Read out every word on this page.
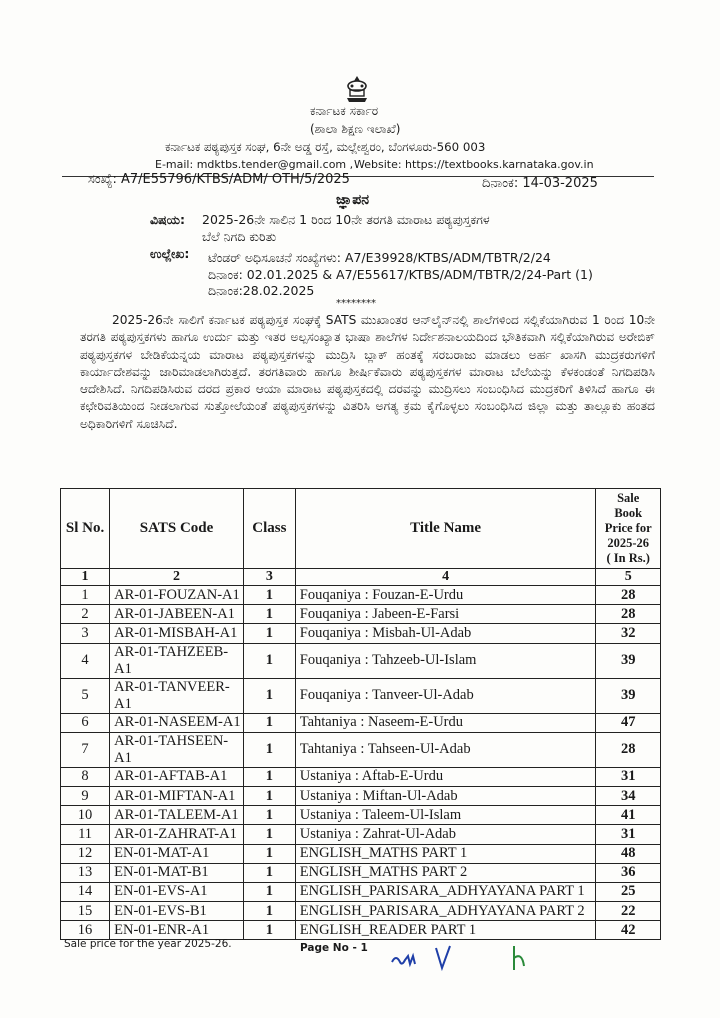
ಕರ್ನಾಟಕ ಸರ್ಕಾರ
(ಶಾಲಾ ಶಿಕ್ಷಣ ಇಲಾಖೆ)
ಕರ್ನಾಟಕ ಪಠ್ಯಪುಸ್ತಕ ಸಂಘ, 6ನೇ ಅಡ್ಡ ರಸ್ತೆ, ಮಲ್ಲೇಶ್ವರಂ, ಬೆಂಗಳೂರು-560 003
E-mail: mdktbs.tender@gmail.com , Website: https://textbooks.karnataka.gov.in
ಸಂಖ್ಯೆ: A7/E55796/KTBS/ADM/ OTH/5/2025	ದಿನಾಂಕ: 14-03-2025
ಜ್ಞಾಪನ
ವಿಷಯ: 2025-26ನೇ ಸಾಲಿನ 1 ರಿಂದ 10ನೇ ತರಗತಿ ಮಾರಾಟ ಪಠ್ಯಪುಸ್ತಕಗಳ
ಬೆಲೆ ನಿಗದಿ ಕುರಿತು
ಉಲ್ಲೇಖ: ಟೆಂಡರ್ ಅಧಿಸೂಚನೆ ಸಂಖ್ಯೆಗಳು: A7/E39928/KTBS/ADM/TBTR/2/24
ದಿನಾಂಕ: 02.01.2025 & A7/E55617/KTBS/ADM/TBTR/2/24-Part (1)
ದಿನಾಂಕ:28.02.2025
********
2025-26ನೇ ಸಾಲಿಗೆ ಕರ್ನಾಟಕ ಪಠ್ಯಪುಸ್ತಕ ಸಂಘಕ್ಕೆ SATS ಮುಖಾಂತರ ಆನ್‌ಲೈನ್‌ನಲ್ಲಿ ಶಾಲೆಗಳಿಂದ ಸಲ್ಲಿಕೆಯಾಗಿರುವ 1 ರಿಂದ 10ನೇ ತರಗತಿ ಪಠ್ಯಪುಸ್ತಕಗಳು ಹಾಗೂ ಉರ್ದು ಮತ್ತು ಇತರ ಅಲ್ಪಸಂಖ್ಯಾತ ಭಾಷಾ ಶಾಲೆಗಳ ನಿರ್ದೇಶನಾಲಯದಿಂದ ಭೌತಿಕವಾಗಿ ಸಲ್ಲಿಕೆಯಾಗಿರುವ ಅರೇಬಿಕ್ ಪಠ್ಯಪುಸ್ತಕಗಳ ಬೇಡಿಕೆಯನ್ನಯ ಮಾರಾಟ ಪಠ್ಯಪುಸ್ತಕಗಳನ್ನು ಮುದ್ರಿಸಿ ಬ್ಲಾಕ್ ಹಂತಕ್ಕೆ ಸರಬರಾಜು ಮಾಡಲು ಅರ್ಹ ಖಾಸಗಿ ಮುದ್ರಕರುಗಳಿಗೆ ಕಾರ್ಯಾದೇಶವನ್ನು ಜಾರಿಮಾಡಲಾಗಿರುತ್ತದೆ. ತರಗತಿವಾರು ಹಾಗೂ ಶೀರ್ಷಿಕೆವಾರು ಪಠ್ಯಪುಸ್ತಕಗಳ ಮಾರಾಟ ಬೆಲೆಯನ್ನು ಕೆಳಕಂಡಂತೆ ನಿಗದಿಪಡಿಸಿ ಆದೇಶಿಸಿದೆ. ನಿಗದಿಪಡಿಸಿರುವ ದರದ ಪ್ರಕಾರ ಆಯಾ ಮಾರಾಟ ಪಠ್ಯಪುಸ್ತಕದಲ್ಲಿ ದರವನ್ನು ಮುದ್ರಿಸಲು ಸಂಬಂಧಿಸಿದ ಮುದ್ರಕರಿಗೆ ತಿಳಿಸಿದೆ ಹಾಗೂ ಈ ಕಛೇರಿವತಿಯಿಂದ ನೀಡಲಾಗುವ ಸುತ್ತೋಲೆಯಂತೆ ಪಠ್ಯಪುಸ್ತಕಗಳನ್ನು ವಿತರಿಸಿ ಅಗತ್ಯ ಕ್ರಮ ಕೈಗೊಳ್ಳಲು ಸಂಬಂಧಿಸಿದ ಜಿಲ್ಲಾ ಮತ್ತು ತಾಲ್ಲೂಕು ಹಂತದ ಅಧಿಕಾರಿಗಳಿಗೆ ಸೂಚಿಸಿದೆ.
Sl No.	SATS Code	Class	Title Name	Sale
Book
Price for
2025-26
( In Rs.)

1	2	3	4	5
1	AR-01-FOUZAN-A1	1	Fouqaniya : Fouzan-E-Urdu	28
2	AR-01-JABEEN-A1	1	Fouqaniya : Jabeen-E-Farsi	28
3	AR-01-MISBAH-A1	1	Fouqaniya : Misbah-Ul-Adab	32
4	AR-01-TAHZEEB-A1	1	Fouqaniya : Tahzeeb-Ul-Islam	39
5	AR-01-TANVEER-A1	1	Fouqaniya : Tanveer-Ul-Adab	39
6	AR-01-NASEEM-A1	1	Tahtaniya : Naseem-E-Urdu	47
7	AR-01-TAHSEEN-A1	1	Tahtaniya : Tahseen-Ul-Adab	28
8	AR-01-AFTAB-A1	1	Ustaniya : Aftab-E-Urdu	31
9	AR-01-MIFTAN-A1	1	Ustaniya : Miftan-Ul-Adab	34
10	AR-01-TALEEM-A1	1	Ustaniya : Taleem-Ul-Islam	41
11	AR-01-ZAHRAT-A1	1	Ustaniya : Zahrat-Ul-Adab	31
12	EN-01-MAT-A1	1	ENGLISH_MATHS PART 1	48
13	EN-01-MAT-B1	1	ENGLISH_MATHS PART 2	36
14	EN-01-EVS-A1	1	ENGLISH_PARISARA_ADHYAYANA PART 1	25
15	EN-01-EVS-B1	1	ENGLISH_PARISARA_ADHYAYANA PART 2	22
16	EN-01-ENR-A1	1	ENGLISH_READER PART 1	42
Sale price for the year 2025-26.	Page No - 1
